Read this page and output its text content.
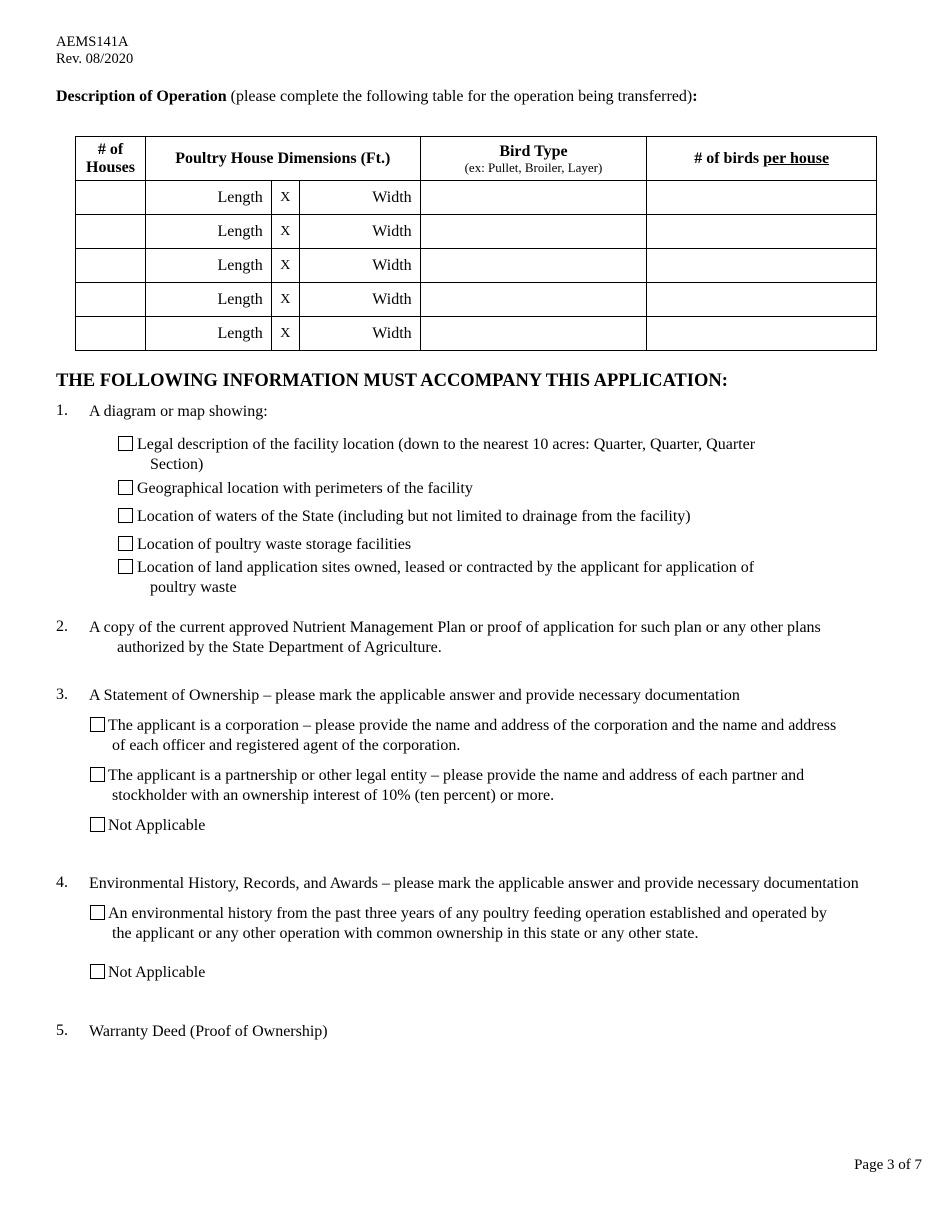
AEMS141A
Rev. 08/2020
Description of Operation (please complete the following table for the operation being transferred):
# of
Houses	Poultry House Dimensions (Ft.)			Bird Type
(ex: Pullet, Broiler, Layer)	# of birds per house
	Length	X	Width		
	Length	X	Width		
	Length	X	Width		
	Length	X	Width		
	Length	X	Width		
THE FOLLOWING INFORMATION MUST ACCOMPANY THIS APPLICATION:
1. A diagram or map showing:
Legal description of the facility location (down to the nearest 10 acres: Quarter, Quarter, Quarter
Section)
Geographical location with perimeters of the facility
Location of waters of the State (including but not limited to drainage from the facility)
Location of poultry waste storage facilities
Location of land application sites owned, leased or contracted by the applicant for application of
poultry waste
2. A copy of the current approved Nutrient Management Plan or proof of application for such plan or any other plans
authorized by the State Department of Agriculture.
3. A Statement of Ownership – please mark the applicable answer and provide necessary documentation
The applicant is a corporation – please provide the name and address of the corporation and the name and address
of each officer and registered agent of the corporation.
The applicant is a partnership or other legal entity – please provide the name and address of each partner and
stockholder with an ownership interest of 10% (ten percent) or more.
Not Applicable
4. Environmental History, Records, and Awards – please mark the applicable answer and provide necessary documentation
An environmental history from the past three years of any poultry feeding operation established and operated by
the applicant or any other operation with common ownership in this state or any other state.
Not Applicable
5. Warranty Deed (Proof of Ownership)
Page 3 of 7
